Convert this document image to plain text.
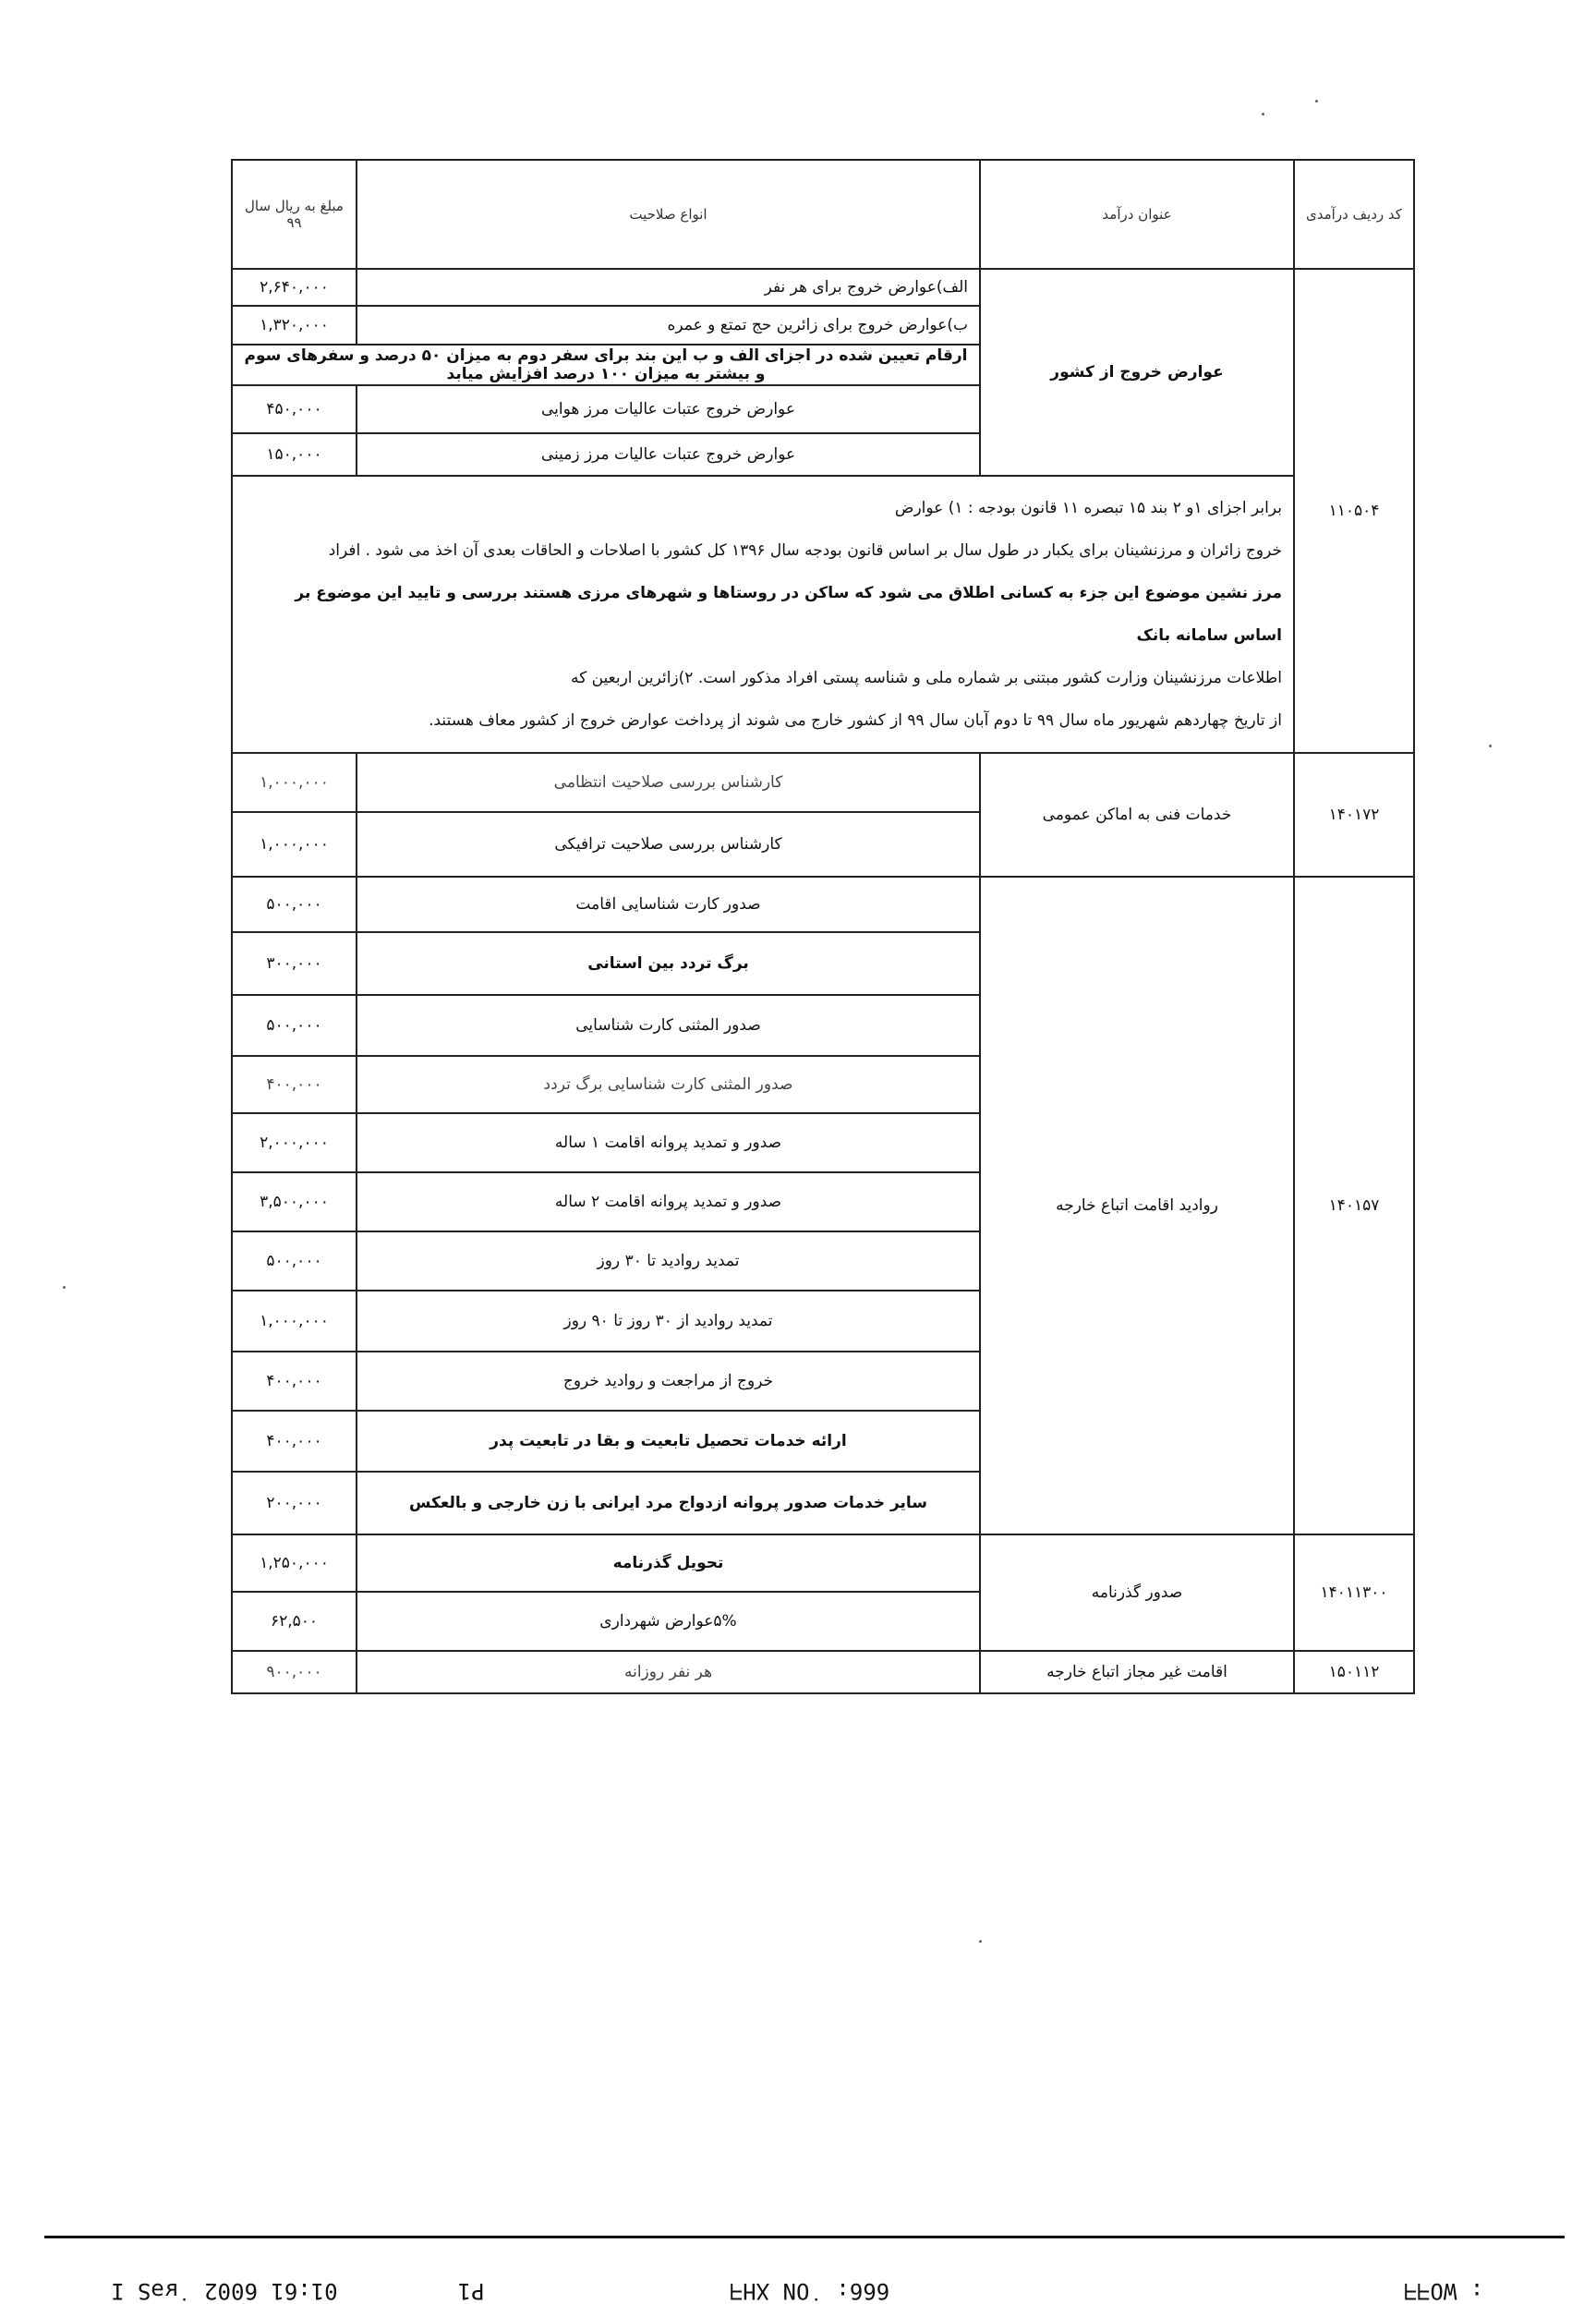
کد ردیف درآمدی	عنوان درآمد	انواع صلاحیت	مبلغ به ریال سال ۹۹
۱۱۰۵۰۴	عوارض خروج از کشور	الف)عوارض خروج برای هر نفر	۲,۶۴۰,۰۰۰
		ب)عوارض خروج برای زائرین حج تمتع و عمره	۱,۳۲۰,۰۰۰
		ارقام تعیین شده در اجزای الف و ب این بند برای سفر دوم به میزان ۵۰ درصد و سفرهای سوم و بیشتر به میزان ۱۰۰ درصد افزایش میابد	
		عوارض خروج عتبات عالیات مرز هوایی	۴۵۰,۰۰۰
		عوارض خروج عتبات عالیات مرز زمینی	۱۵۰,۰۰۰

	برابر اجزای ۱و ۲ بند ۱۵ تبصره ۱۱ قانون بودجه : ۱) عوارض

خروج زائران و مرزنشینان برای یکبار در طول سال بر اساس قانون بودجه سال ۱۳۹۶ کل کشور با اصلاحات و الحاقات بعدی آن اخذ می شود . افراد

مرز نشین موضوع این جزء به کسانی اطلاق می شود که ساکن در روستاها و شهرهای مرزی هستند بررسی و تایید این موضوع بر اساس سامانه بانک

اطلاعات مرزنشینان وزارت کشور مبتنی بر شماره ملی و شناسه پستی افراد مذکور است. ۲)زائرین اربعین که

از تاریخ چهاردهم شهریور ماه سال ۹۹ تا دوم آبان سال ۹۹ از کشور خارج می شوند از پرداخت عوارض خروج از کشور معاف هستند.		

۱۴۰۱۷۲	خدمات فنی به اماکن عمومی	کارشناس بررسی صلاحیت انتظامی	۱,۰۰۰,۰۰۰
		کارشناس بررسی صلاحیت ترافیکی	۱,۰۰۰,۰۰۰
۱۴۰۱۵۷	روادید اقامت اتباع خارجه	صدور کارت شناسایی اقامت	۵۰۰,۰۰۰
		برگ تردد بین استانی	۳۰۰,۰۰۰
		صدور المثنی کارت شناسایی	۵۰۰,۰۰۰
		صدور المثنی کارت شناسایی برگ تردد	۴۰۰,۰۰۰
		صدور و تمدید پروانه اقامت ۱ ساله	۲,۰۰۰,۰۰۰
		صدور و تمدید پروانه اقامت ۲ ساله	۳,۵۰۰,۰۰۰
		تمدید روادید تا ۳۰ روز	۵۰۰,۰۰۰
		تمدید روادید از ۳۰ روز تا ۹۰ روز	۱,۰۰۰,۰۰۰
		خروج از مراجعت و روادید خروج	۴۰۰,۰۰۰
		ارائه خدمات تحصیل تابعیت و بقا در تابعیت پدر	۴۰۰,۰۰۰
		سایر خدمات صدور پروانه ازدواج مرد ایرانی با زن خارجی و بالعکس	۲۰۰,۰۰۰
۱۴۰۱۱۳۰۰	صدور گذرنامه	تحویل گذرنامه	۱,۲۵۰,۰۰۰
		۵%عوارض شهرداری	۶۲,۵۰۰
۱۵۰۱۱۲	اقامت غیر مجاز اتباع خارجه	هر نفر روزانه	۹۰۰,۰۰۰
P1         01:61 6002 ˙ʁəS I	666: ˙ON XHᖷ	: WOᖷᖷ
